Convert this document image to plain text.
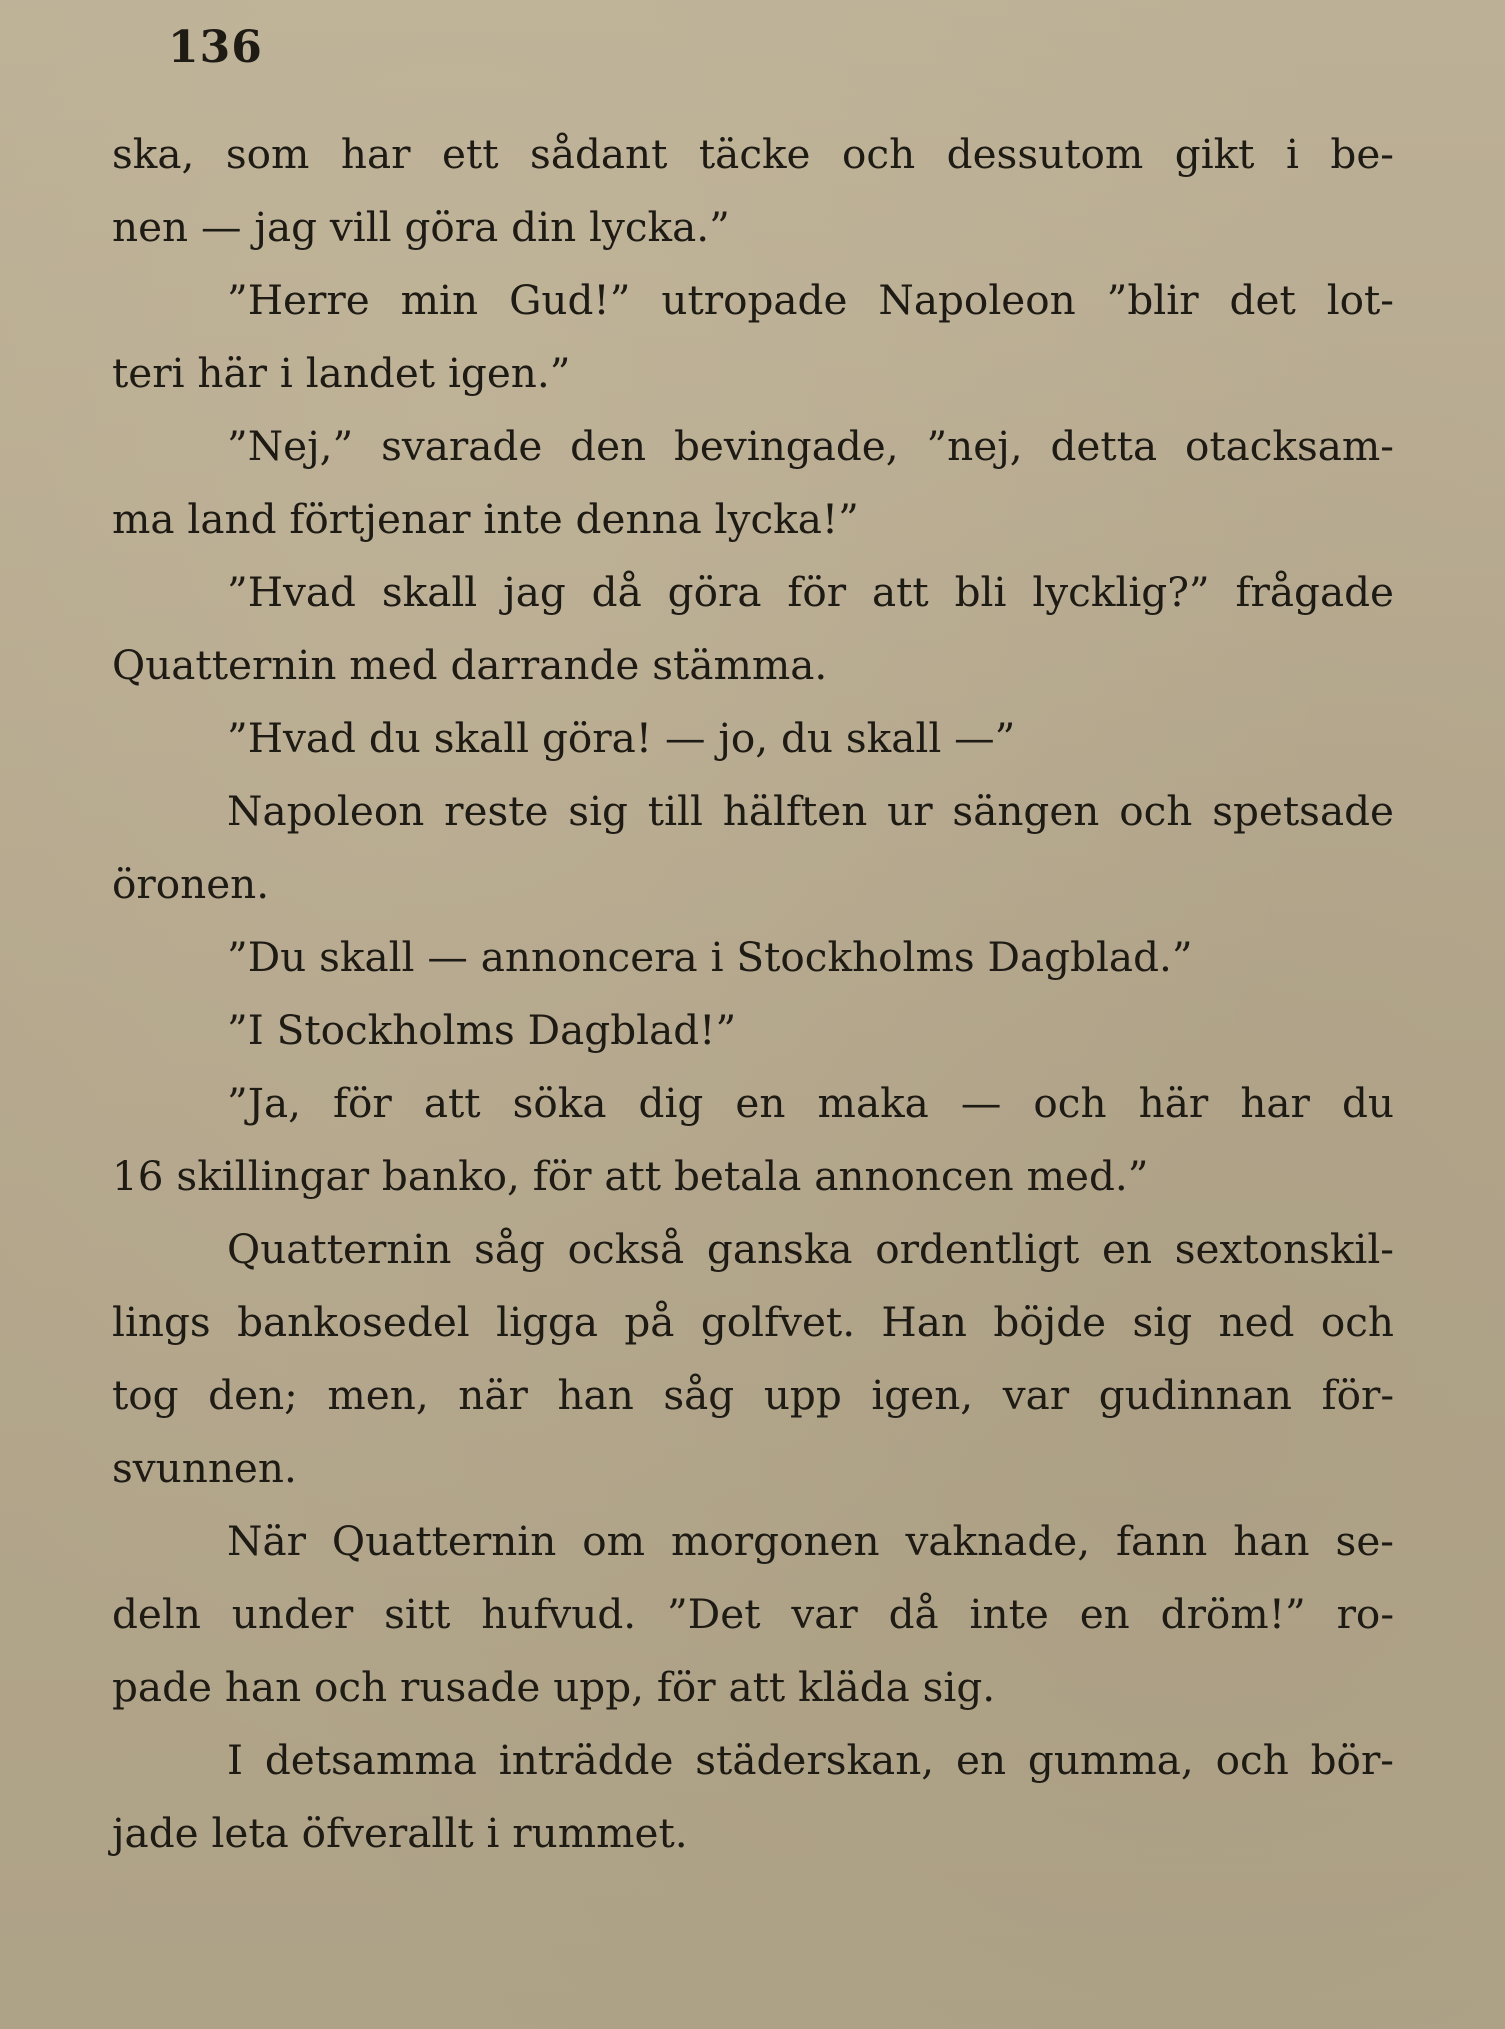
136
ska, som har ett sådant täcke och dessutom gikt i be-
nen — jag vill göra din lycka.”
”Herre min Gud!” utropade Napoleon ”blir det lot-
teri här i landet igen.”
”Nej,” svarade den bevingade, ”nej, detta otacksam-
ma land förtjenar inte denna lycka!”
”Hvad skall jag då göra för att bli lycklig?” frågade
Quatternin med darrande stämma.
”Hvad du skall göra! — jo, du skall —”
Napoleon reste sig till hälften ur sängen och spetsade
öronen.
”Du skall — annoncera i Stockholms Dagblad.”
”I Stockholms Dagblad!”
”Ja, för att söka dig en maka — och här har du
16 skillingar banko, för att betala annoncen med.”
Quatternin såg också ganska ordentligt en sextonskil-
lings bankosedel ligga på golfvet. Han böjde sig ned och
tog den; men, när han såg upp igen, var gudinnan för-
svunnen.
När Quatternin om morgonen vaknade, fann han se-
deln under sitt hufvud. ”Det var då inte en dröm!” ro-
pade han och rusade upp, för att kläda sig.
I detsamma inträdde städerskan, en gumma, och bör-
jade leta öfverallt i rummet.
